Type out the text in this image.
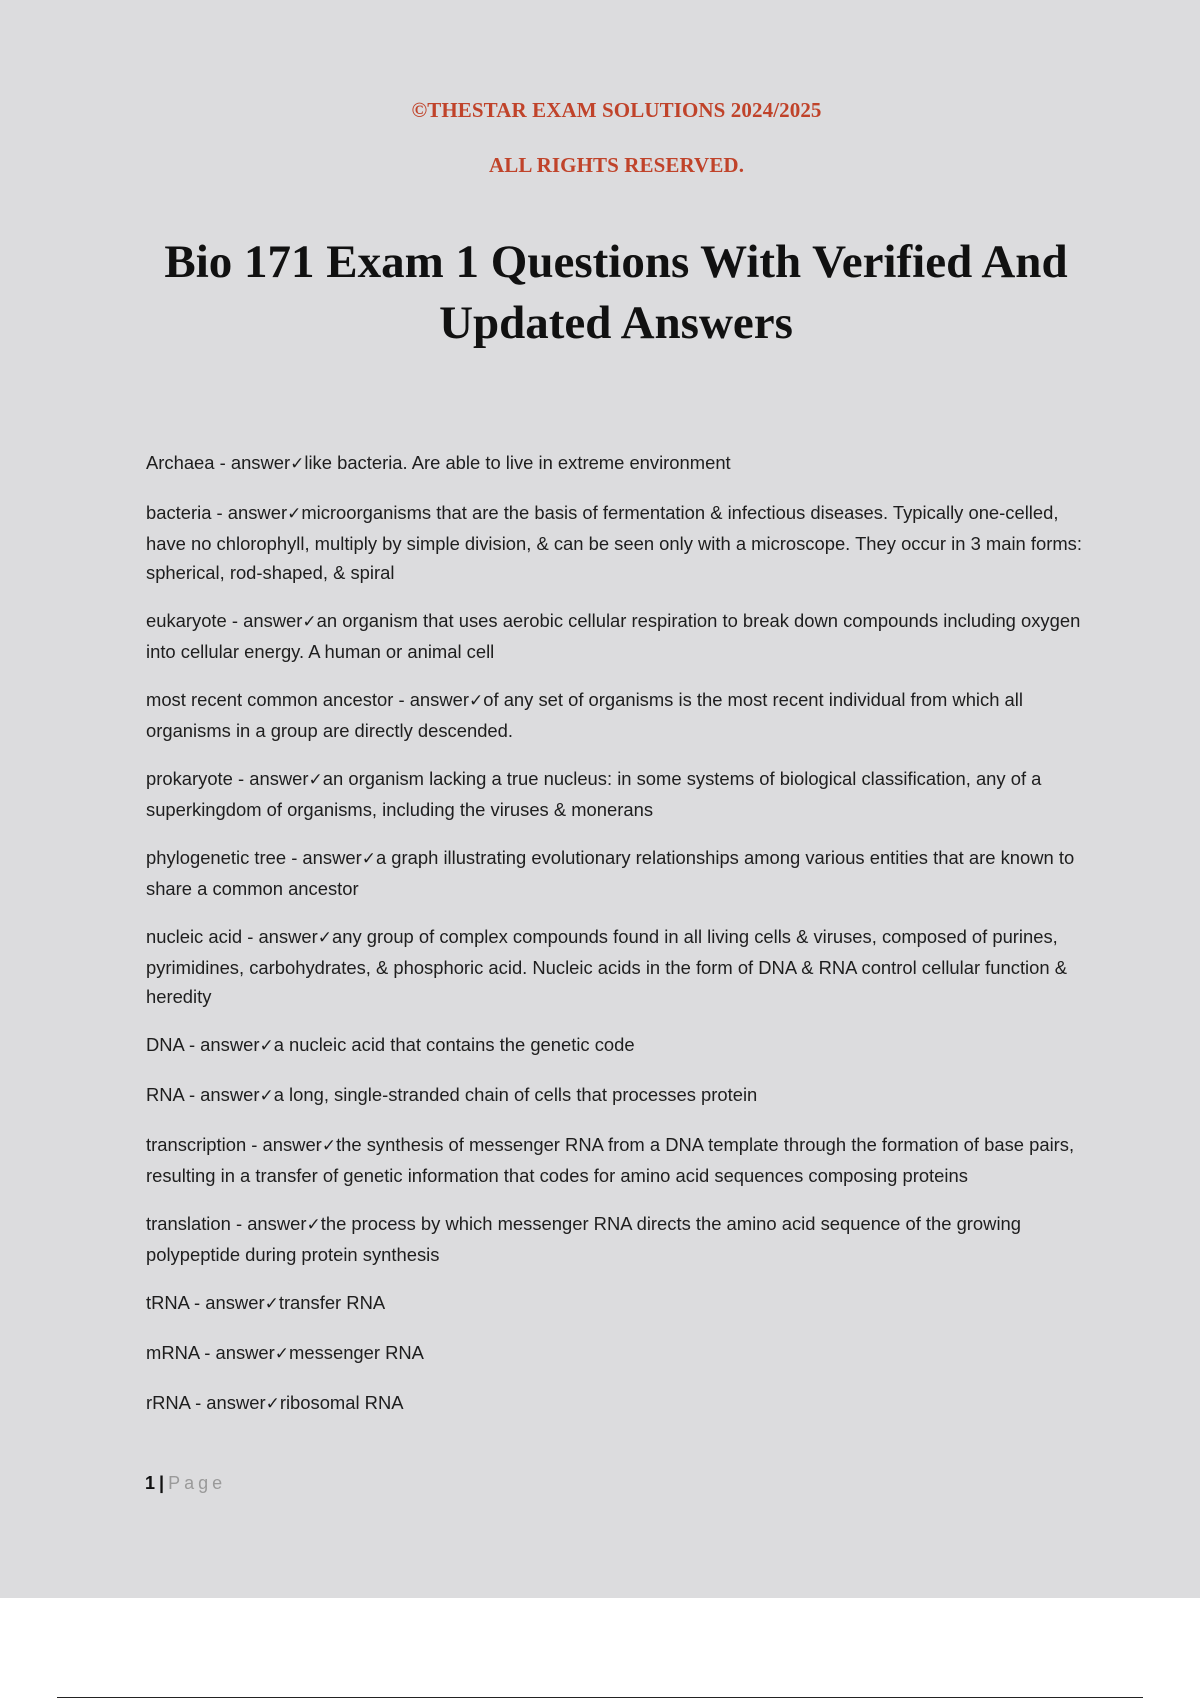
©THESTAR EXAM SOLUTIONS 2024/2025
ALL RIGHTS RESERVED.
Bio 171 Exam 1 Questions With Verified And Updated Answers
Archaea - answer✓like bacteria. Are able to live in extreme environment
bacteria - answer✓microorganisms that are the basis of fermentation & infectious diseases. Typically one-celled, have no chlorophyll, multiply by simple division, & can be seen only with a microscope. They occur in 3 main forms: spherical, rod-shaped, & spiral
eukaryote - answer✓an organism that uses aerobic cellular respiration to break down compounds including oxygen into cellular energy. A human or animal cell
most recent common ancestor - answer✓of any set of organisms is the most recent individual from which all organisms in a group are directly descended.
prokaryote - answer✓an organism lacking a true nucleus: in some systems of biological classification, any of a superkingdom of organisms, including the viruses & monerans
phylogenetic tree - answer✓a graph illustrating evolutionary relationships among various entities that are known to share a common ancestor
nucleic acid - answer✓any group of complex compounds found in all living cells & viruses, composed of purines, pyrimidines, carbohydrates, & phosphoric acid. Nucleic acids in the form of DNA & RNA control cellular function & heredity
DNA - answer✓a nucleic acid that contains the genetic code
RNA - answer✓a long, single-stranded chain of cells that processes protein
transcription - answer✓the synthesis of messenger RNA from a DNA template through the formation of base pairs, resulting in a transfer of genetic information that codes for amino acid sequences composing proteins
translation - answer✓the process by which messenger RNA directs the amino acid sequence of the growing polypeptide during protein synthesis
tRNA - answer✓transfer RNA
mRNA - answer✓messenger RNA
rRNA - answer✓ribosomal RNA
1 | Page
